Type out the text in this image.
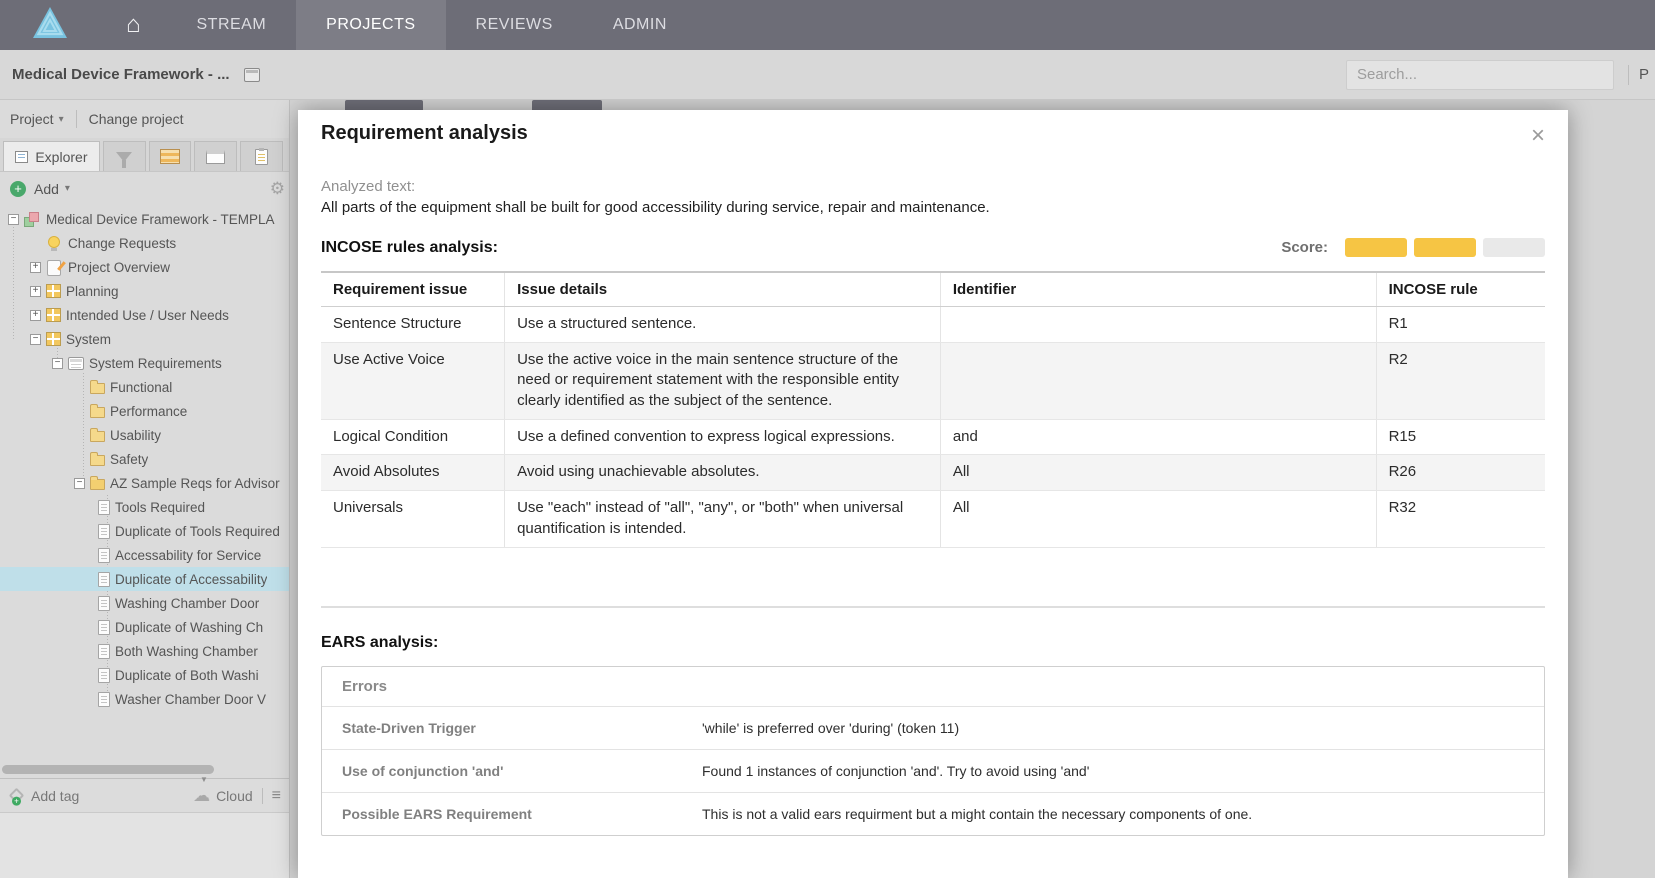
⌂	STREAM	PROJECTS	REVIEWS	ADMIN
Medical Device Framework - ...
Search...	P
Project ▾ Change project
Explorer
+
Add ▾	⚙
−
Medical Device Framework - TEMPLA
Change Requests
+
Project Overview
+
Planning
+
Intended Use / User Needs
−
System
−
System Requirements
Functional
Performance
Usability
Safety
−
AZ Sample Reqs for Advisor
Tools Required
Duplicate of Tools Required
Accessability for Service
Duplicate of Accessability
Washing Chamber Door
Duplicate of Washing Ch
Both Washing Chamber
Duplicate of Both Washi
Washer Chamber Door V
▼
+ Add tag	☁ Cloud ≡
Requirement analysis	×
Analyzed text:
All parts of the equipment shall be built for good accessibility during service, repair and maintenance.
INCOSE rules analysis:	Score:
Requirement issue	Issue details	Identifier	INCOSE rule
Sentence Structure	Use a structured sentence.		R1
Use Active Voice	Use the active voice in the main sentence structure of the need or requirement statement with the responsible entity clearly identified as the subject of the sentence.		R2
Logical Condition	Use a defined convention to express logical expressions.	and	R15
Avoid Absolutes	Avoid using unachievable absolutes.	All	R26
Universals	Use "each" instead of "all", "any", or "both" when universal quantification is intended.	All	R32
EARS analysis:
Errors
State-Driven Trigger	'while' is preferred over 'during' (token 11)
Use of conjunction 'and'	Found 1 instances of conjunction 'and'. Try to avoid using 'and'
Possible EARS Requirement	This is not a valid ears requirment but a might contain the necessary components of one.
